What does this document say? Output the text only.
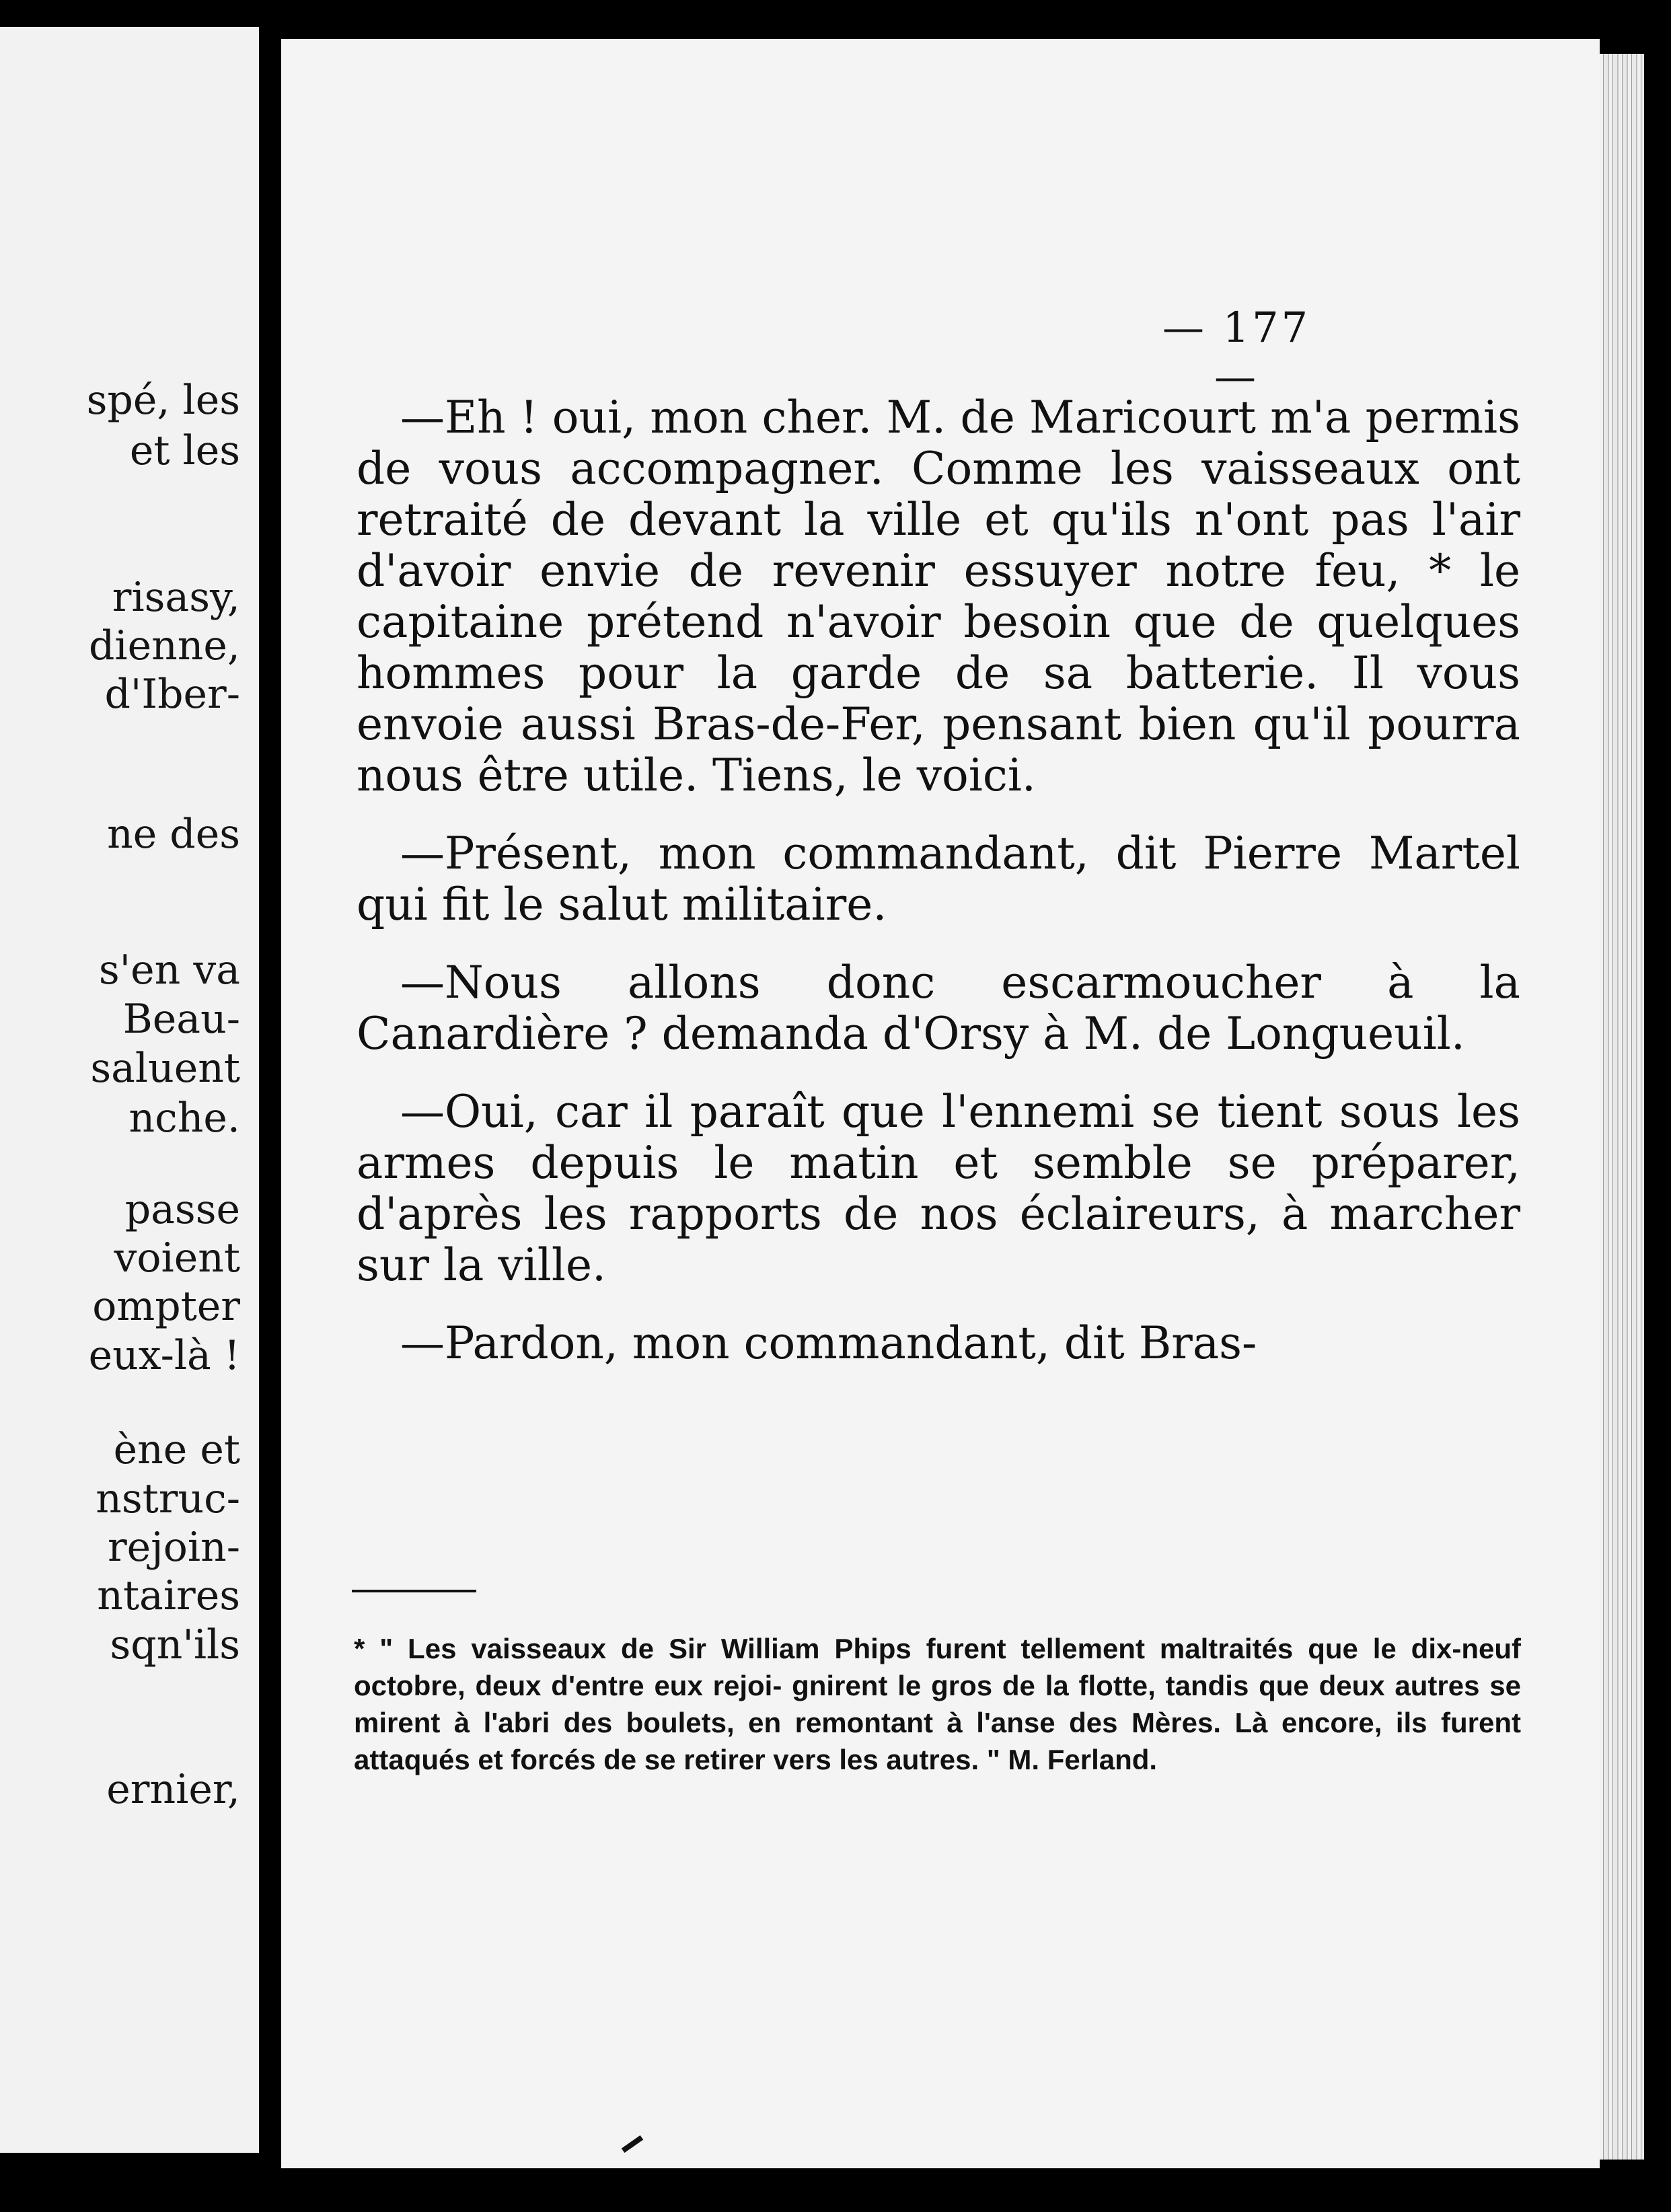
spé, les
et les
risasy,
dienne,
d'Iber-
ne des
s'en va
Beau-
saluent
nche.
passe
voient
ompter
eux-là !
ène et
nstruc-
rejoin-
ntaires
sqn'ils
ernier,
— 177 —

—Eh ! oui, mon cher. M. de Maricourt m'a permis de vous accompagner. Comme les vaisseaux ont retraité de devant la ville et qu'ils n'ont pas l'air d'avoir envie de revenir essuyer notre feu, * le capitaine prétend n'avoir besoin que de quelques hommes pour la garde de sa batterie. Il vous envoie aussi Bras-de-Fer, pensant bien qu'il pourra nous être utile. Tiens, le voici.

—Présent, mon commandant, dit Pierre Martel qui fit le salut militaire.

—Nous allons donc escarmoucher à la Canardière ? demanda d'Orsy à M. de Longueuil.

—Oui, car il paraît que l'ennemi se tient sous les armes depuis le matin et semble se préparer, d'après les rapports de nos éclaireurs, à marcher sur la ville.

—Pardon, mon commandant, dit Bras-

* " Les vaisseaux de Sir William Phips furent tellement maltraités que le dix-neuf octobre, deux d'entre eux rejoi- gnirent le gros de la flotte, tandis que deux autres se mirent à l'abri des boulets, en remontant à l'anse des Mères. Là encore, ils furent attaqués et forcés de se retirer vers les autres. " M. Ferland.
